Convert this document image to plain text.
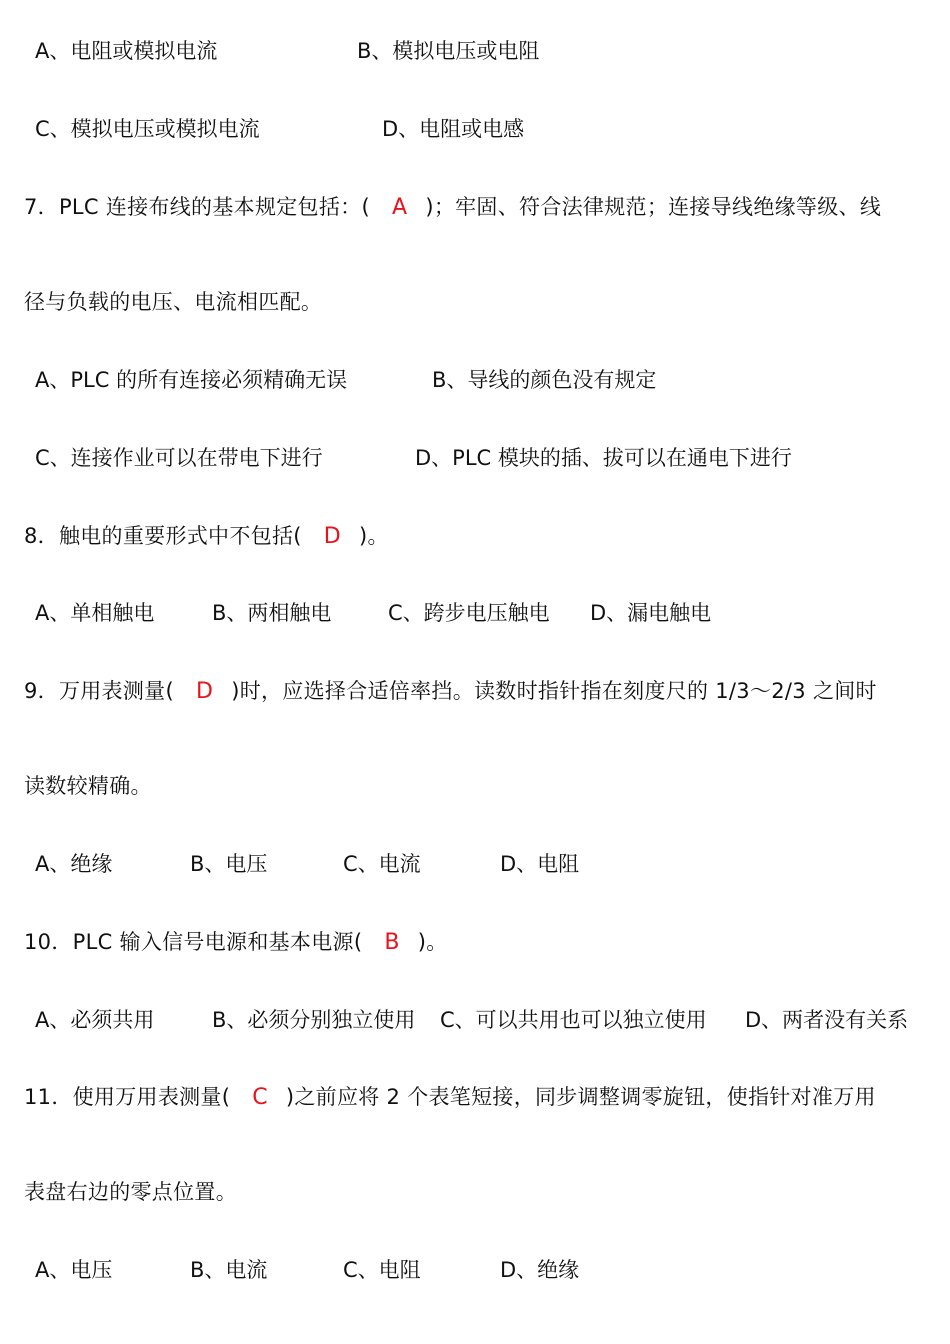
A、电阻或模拟电流	B、模拟电压或电阻
C、模拟电压或模拟电流	D、电阻或电感
7．PLC 连接布线的基本规定包括：( A )；牢固、符合法律规范；连接导线绝缘等级、线
径与负载的电压、电流相匹配。
A、PLC 的所有连接必须精确无误	B、导线的颜色没有规定
C、连接作业可以在带电下进行	D、PLC 模块的插、拔可以在通电下进行
8．触电的重要形式中不包括( D )。
A、单相触电	B、两相触电	C、跨步电压触电 D、漏电触电
9．万用表测量( D )时，应选择合适倍率挡。读数时指针指在刻度尺的 1/3～2/3 之间时
读数较精确。
A、绝缘	B、电压	C、电流	D、电阻
10．PLC 输入信号电源和基本电源( B )。
A、必须共用	B、必须分别独立使用 C、可以共用也可以独立使用 D、两者没有关系
11．使用万用表测量( C )之前应将 2 个表笔短接，同步调整调零旋钮，使指针对准万用
表盘右边的零点位置。
A、电压	B、电流	C、电阻	D、绝缘
